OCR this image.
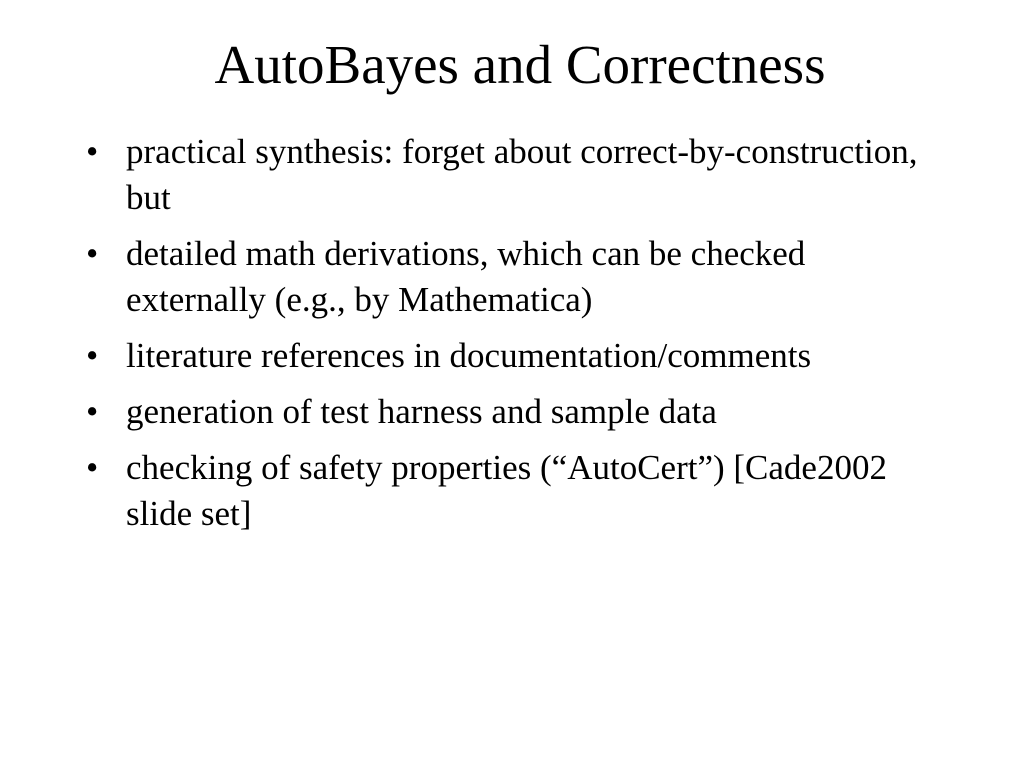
AutoBayes and Correctness
• practical synthesis: forget about correct-by-construction, but
• detailed math derivations, which can be checked externally (e.g., by Mathematica)
• literature references in documentation/comments
• generation of test harness and sample data
• checking of safety properties (“AutoCert”) [Cade2002 slide set]
